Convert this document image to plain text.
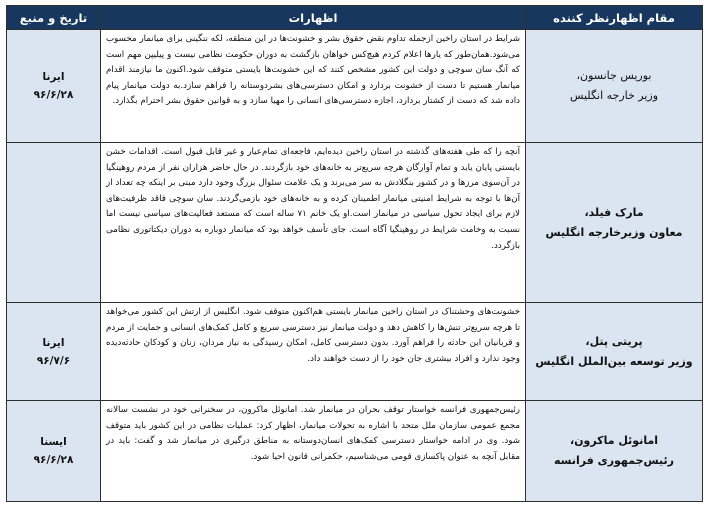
مقام اظهارنظر کننده	اظهارات	تاریخ و منبع

بوریس جانسون،
وزیر خارجه انگلیس	شرایط در استان راخین ازجمله تداوم نقض حقوق بشر و خشونت‌ها در این منطقه، لکه ننگینی برای میانمار محسوب می‌شود.همان‌طور که یارها اعلام کردم هیچ‌کس خواهان بازگشت به دوران حکومت نظامی نیست و پیلیپن مهم است که آنگ سان سوچی و دولت این کشور مشخص کنند که این خشونت‌ها بایستی متوقف شود.اکنون ما نیازمند اقدام میانمار هستیم تا دست از خشونت بردارد و امکان دسترسی‌های بشردوستانه را فراهم سازد.به دولت میانمار پیام داده شد که دست از کشتار بردارد، اجازه دسترسی‌های انسانی را مهیا سازد و به قوانین حقوق بشر احترام بگذارد.	ایرنا
۹۶/۶/۲۸

مارک فیلد،
معاون وزیرخارجه انگلیس	آنچه را که طی هفته‌های گذشته در استان راخین دیده‌ایم، فاجعه‌ای تمام‌عیار و غیر قابل قبول است. اقدامات خشن بایستی پایان یابد و تمام آوارگان هرچه سریع‌تر به خانه‌های خود بازگردند. در حال حاضر هزاران نفر از مردم روهینگیا در آن‌سوی مرزها و در کشور بنگلادش به سر می‌برند و یک علامت سئوال بزرگ وجود دارد مبنی بر اینکه چه تعداد از آن‌ها با توجه به شرایط امنیتی میانمار اطمینان کرده و به خانه‌های خود بازمی‌گردند. سان سوچی فاقد ظرفیت‌های لازم برای ایجاد تحول سیاسی در میانمار است.او یک خانم ۷۱ ساله است که مستعد فعالیت‌های سیاسی نیست اما نسبت به وخامت شرایط در روهینگیا آگاه است. جای تأسف خواهد بود که میانمار دوباره به دوران دیکتاتوری نظامی بازگردد.	

پریتی پتل،
وزیر توسعه بین‌الملل انگلیس	خشونت‌های وحشتناک در استان راخین میانمار بایستی هم‌اکنون متوقف شود. انگلیس از ارتش این کشور می‌خواهد تا هرچه سریع‌تر تنش‌ها را کاهش دهد و دولت میانمار نیز دسترسی سریع و کامل کمک‌های انسانی و حمایت از مردم و قربانیان این حادثه را فراهم آورد. بدون دسترسی کامل، امکان رسیدگی به نیاز مردان، زنان و کودکان حادثه‌دیده وجود ندارد و افراد بیشتری جان خود را از دست خواهند داد.	ایرنا
۹۶/۷/۶

امانوئل ماکرون،
رئیس‌جمهوری فرانسه	رئیس‌جمهوری فرانسه خواستار توقف بحران در میانمار شد. امانوئل ماکرون، در سخنرانی خود در نشست سالانه مجمع عمومی سازمان ملل متحد با اشاره به تحولات میانمار، اظهار کرد: عملیات نظامی در این کشور باید متوقف شود. وی در ادامه خواستار دسترسی کمک‌های انسان‌دوستانه به مناطق درگیری در میانمار شد و گفت: باید در مقابل آنچه به عنوان پاکسازی قومی می‌شناسیم، حکمرانی قانون احیا شود.	ایسنا
۹۶/۶/۲۸
